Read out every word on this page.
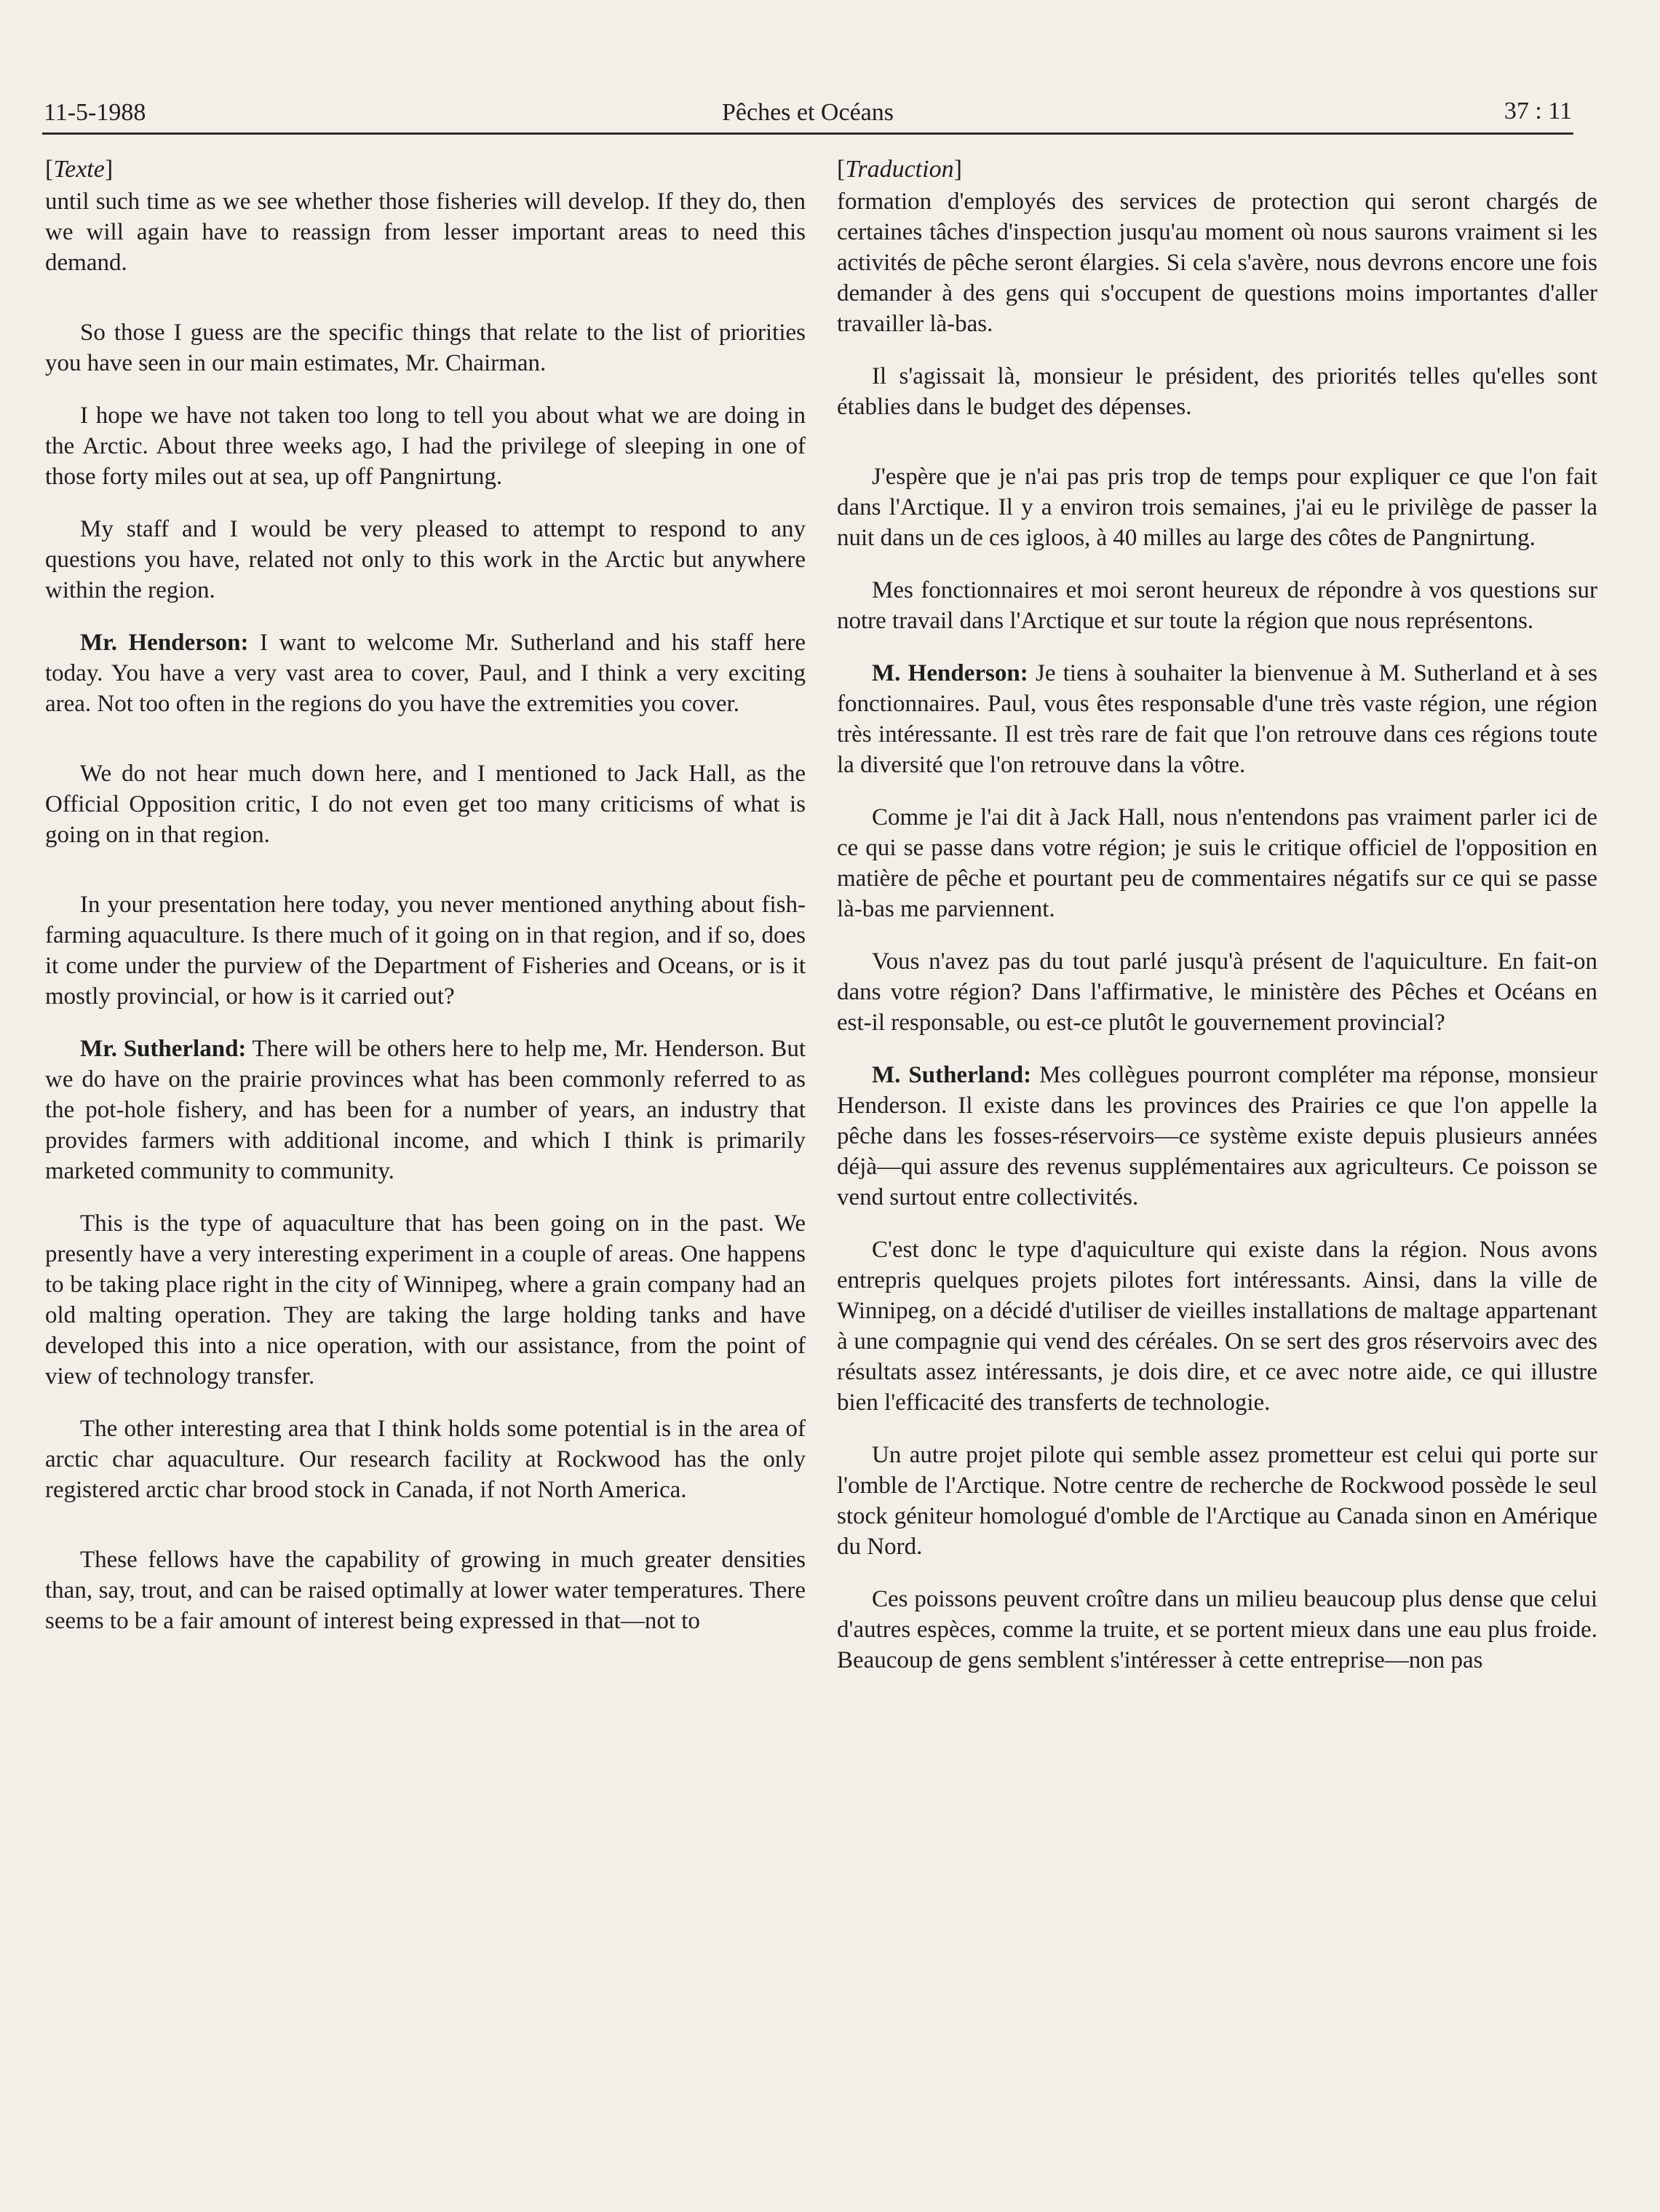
11-5-1988	Pêches et Océans	37 : 11
[Texte]

until such time as we see whether those fisheries will develop. If they do, then we will again have to reassign from lesser important areas to need this demand.

So those I guess are the specific things that relate to the list of priorities you have seen in our main estimates, Mr. Chairman.

I hope we have not taken too long to tell you about what we are doing in the Arctic. About three weeks ago, I had the privilege of sleeping in one of those forty miles out at sea, up off Pangnirtung.

My staff and I would be very pleased to attempt to respond to any questions you have, related not only to this work in the Arctic but anywhere within the region.

Mr. Henderson: I want to welcome Mr. Sutherland and his staff here today. You have a very vast area to cover, Paul, and I think a very exciting area. Not too often in the regions do you have the extremities you cover.

We do not hear much down here, and I mentioned to Jack Hall, as the Official Opposition critic, I do not even get too many criticisms of what is going on in that region.

In your presentation here today, you never mentioned anything about fish-farming aquaculture. Is there much of it going on in that region, and if so, does it come under the purview of the Department of Fisheries and Oceans, or is it mostly provincial, or how is it carried out?

Mr. Sutherland: There will be others here to help me, Mr. Henderson. But we do have on the prairie provinces what has been commonly referred to as the pot-hole fishery, and has been for a number of years, an industry that provides farmers with additional income, and which I think is primarily marketed community to community.

This is the type of aquaculture that has been going on in the past. We presently have a very interesting experiment in a couple of areas. One happens to be taking place right in the city of Winnipeg, where a grain company had an old malting operation. They are taking the large holding tanks and have developed this into a nice operation, with our assistance, from the point of view of technology transfer.

The other interesting area that I think holds some potential is in the area of arctic char aquaculture. Our research facility at Rockwood has the only registered arctic char brood stock in Canada, if not North America.

These fellows have the capability of growing in much greater densities than, say, trout, and can be raised optimally at lower water temperatures. There seems to be a fair amount of interest being expressed in that—not to

[Traduction]

formation d'employés des services de protection qui seront chargés de certaines tâches d'inspection jusqu'au moment où nous saurons vraiment si les activités de pêche seront élargies. Si cela s'avère, nous devrons encore une fois demander à des gens qui s'occupent de questions moins importantes d'aller travailler là-bas.

Il s'agissait là, monsieur le président, des priorités telles qu'elles sont établies dans le budget des dépenses.

J'espère que je n'ai pas pris trop de temps pour expliquer ce que l'on fait dans l'Arctique. Il y a environ trois semaines, j'ai eu le privilège de passer la nuit dans un de ces igloos, à 40 milles au large des côtes de Pangnirtung.

Mes fonctionnaires et moi seront heureux de répondre à vos questions sur notre travail dans l'Arctique et sur toute la région que nous représentons.

M. Henderson: Je tiens à souhaiter la bienvenue à M. Sutherland et à ses fonctionnaires. Paul, vous êtes responsable d'une très vaste région, une région très intéressante. Il est très rare de fait que l'on retrouve dans ces régions toute la diversité que l'on retrouve dans la vôtre.

Comme je l'ai dit à Jack Hall, nous n'entendons pas vraiment parler ici de ce qui se passe dans votre région; je suis le critique officiel de l'opposition en matière de pêche et pourtant peu de commentaires négatifs sur ce qui se passe là-bas me parviennent.

Vous n'avez pas du tout parlé jusqu'à présent de l'aquiculture. En fait-on dans votre région? Dans l'affirmative, le ministère des Pêches et Océans en est-il responsable, ou est-ce plutôt le gouvernement provincial?

M. Sutherland: Mes collègues pourront compléter ma réponse, monsieur Henderson. Il existe dans les provinces des Prairies ce que l'on appelle la pêche dans les fosses-réservoirs—ce système existe depuis plusieurs années déjà—qui assure des revenus supplémentaires aux agriculteurs. Ce poisson se vend surtout entre collectivités.

C'est donc le type d'aquiculture qui existe dans la région. Nous avons entrepris quelques projets pilotes fort intéressants. Ainsi, dans la ville de Winnipeg, on a décidé d'utiliser de vieilles installations de maltage appartenant à une compagnie qui vend des céréales. On se sert des gros réservoirs avec des résultats assez intéressants, je dois dire, et ce avec notre aide, ce qui illustre bien l'efficacité des transferts de technologie.

Un autre projet pilote qui semble assez prometteur est celui qui porte sur l'omble de l'Arctique. Notre centre de recherche de Rockwood possède le seul stock géniteur homologué d'omble de l'Arctique au Canada sinon en Amérique du Nord.

Ces poissons peuvent croître dans un milieu beaucoup plus dense que celui d'autres espèces, comme la truite, et se portent mieux dans une eau plus froide. Beaucoup de gens semblent s'intéresser à cette entreprise—non pas
